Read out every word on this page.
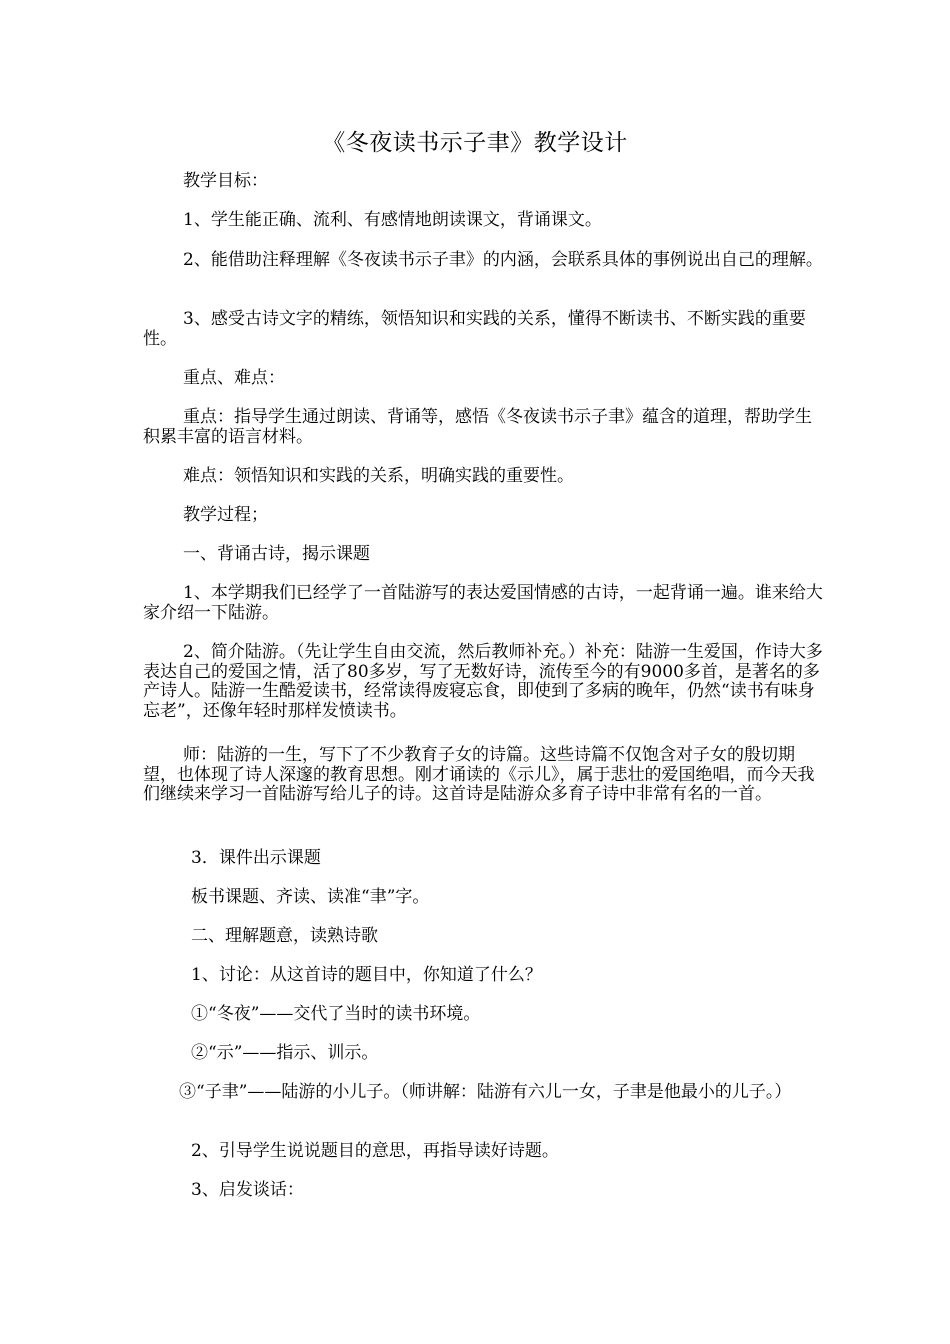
《冬夜读书示子聿》教学设计
教学目标：
1、学生能正确、流利、有感情地朗读课文，背诵课文。
2、能借助注释理解《冬夜读书示子聿》的内涵，会联系具体的事例说出自己的理解。
3、感受古诗文字的精练，领悟知识和实践的关系，懂得不断读书、不断实践的重要性。
重点、难点：
重点：指导学生通过朗读、背诵等，感悟《冬夜读书示子聿》蕴含的道理，帮助学生积累丰富的语言材料。
难点：领悟知识和实践的关系，明确实践的重要性。
教学过程；
一、背诵古诗，揭示课题
1、本学期我们已经学了一首陆游写的表达爱国情感的古诗，一起背诵一遍。谁来给大家介绍一下陆游。
2、简介陆游。（先让学生自由交流，然后教师补充。）补充：陆游一生爱国，作诗大多表达自己的爱国之情，活了80多岁，写了无数好诗，流传至今的有9000多首，是著名的多产诗人。陆游一生酷爱读书，经常读得废寝忘食，即使到了多病的晚年，仍然“读书有味身忘老”，还像年轻时那样发愤读书。
师：陆游的一生，写下了不少教育子女的诗篇。这些诗篇不仅饱含对子女的殷切期望，也体现了诗人深邃的教育思想。刚才诵读的《示儿》，属于悲壮的爱国绝唱，而今天我们继续来学习一首陆游写给儿子的诗。这首诗是陆游众多育子诗中非常有名的一首。
3．课件出示课题
板书课题、齐读、读准“聿”字。
二、理解题意，读熟诗歌
1、讨论：从这首诗的题目中，你知道了什么？
①“冬夜”——交代了当时的读书环境。
②“示”——指示、训示。
③“子聿”——陆游的小儿子。（师讲解：陆游有六儿一女，子聿是他最小的儿子。）
2、引导学生说说题目的意思，再指导读好诗题。
3、启发谈话：
